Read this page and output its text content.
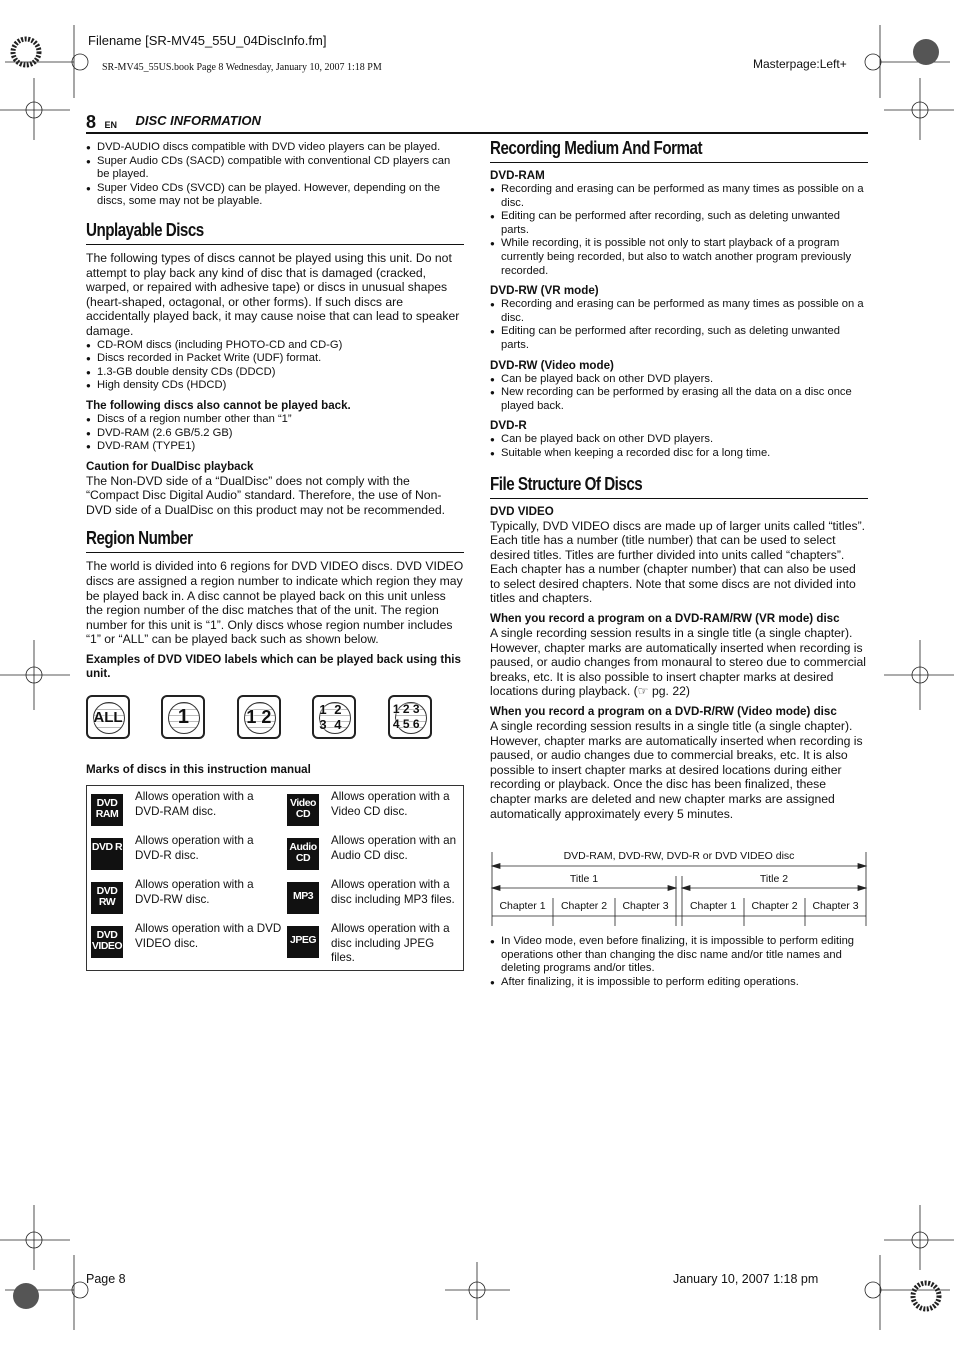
Filename [SR-MV45_55U_04DiscInfo.fm]
SR-MV45_55US.book Page 8 Wednesday, January 10, 2007 1:18 PM	Masterpage:Left+
8 EN DISC INFORMATION
● DVD-AUDIO discs compatible with DVD video players can be played.
● Super Audio CDs (SACD) compatible with conventional CD players can be played.
● Super Video CDs (SVCD) can be played. However, depending on the discs, some may not be playable.
Unplayable Discs

The following types of discs cannot be played using this unit. Do not attempt to play back any kind of disc that is damaged (cracked, warped, or repaired with adhesive tape) or discs in unusual shapes (heart-shaped, octagonal, or other forms). If such discs are accidentally played back, it may cause noise that can lead to speaker damage.

● CD-ROM discs (including PHOTO-CD and CD-G)
● Discs recorded in Packet Write (UDF) format.
● 1.3-GB double density CDs (DDCD)
● High density CDs (HDCD)
The following discs also cannot be played back.
● Discs of a region number other than “1”
● DVD-RAM (2.6 GB/5.2 GB)
● DVD-RAM (TYPE1)
Caution for DualDisc playback

The Non-DVD side of a “DualDisc” does not comply with the “Compact Disc Digital Audio” standard. Therefore, the use of Non-DVD side of a DualDisc on this product may not be recommended.

Region Number

The world is divided into 6 regions for DVD VIDEO discs. DVD VIDEO discs are assigned a region number to indicate which region they may be played back in. A disc cannot be played back on this unit unless the region number of the disc matches that of the unit. The region number for this unit is “1”. Only discs whose region number includes “1” or “ALL” can be played back such as shown below.

Examples of DVD VIDEO labels which can be played back using this unit.
ALL
	1
	1 2
	1 2 3 4

1 2 3 4 5 6
Marks of discs in this instruction manual
DVD RAM	Allows operation with a DVD-RAM disc.	Video CD	Allows operation with a Video CD disc.
DVD R	Allows operation with a DVD-R disc.	Audio CD	Allows operation with an Audio CD disc.
DVD RW	Allows operation with a DVD-RW disc.	MP3	Allows operation with a disc including MP3 files.
DVD VIDEO	Allows operation with a DVD VIDEO disc.	JPEG	Allows operation with a disc including JPEG files.
Recording Medium And Format
DVD-RAM
● Recording and erasing can be performed as many times as possible on a disc.
● Editing can be performed after recording, such as deleting unwanted parts.
● While recording, it is possible not only to start playback of a program currently being recorded, but also to watch another program previously recorded.
DVD-RW (VR mode)
● Recording and erasing can be performed as many times as possible on a disc.
● Editing can be performed after recording, such as deleting unwanted parts.
DVD-RW (Video mode)
● Can be played back on other DVD players.
● New recording can be performed by erasing all the data on a disc once played back.
DVD-R
● Can be played back on other DVD players.
● Suitable when keeping a recorded disc for a long time.
File Structure Of Discs
DVD VIDEO

Typically, DVD VIDEO discs are made up of larger units called “titles”. Each title has a number (title number) that can be used to select desired titles. Titles are further divided into units called “chapters”. Each chapter has a number (chapter number) that can also be used to select desired chapters. Note that some discs are not divided into titles and chapters.

When you record a program on a DVD-RAM/RW (VR mode) disc

A single recording session results in a single title (a single chapter). However, chapter marks are automatically inserted when recording is paused, or audio changes from monaural to stereo due to commercial breaks, etc. It is also possible to insert chapter marks at desired locations during playback. (☞ pg. 22)

When you record a program on a DVD-R/RW (Video mode) disc

A single recording session results in a single title (a single chapter). However, chapter marks are automatically inserted when recording is paused, or audio changes due to commercial breaks, etc. It is also possible to insert chapter marks at desired locations during either recording or playback. Once the disc has been finalized, these chapter marks are deleted and new chapter marks are assigned automatically approximately every 5 minutes.

DVD-RAM, DVD-RW, DVD-R or DVD VIDEO disc
Title 1	Title 2
Chapter 1	Chapter 2	Chapter 3	Chapter 1	Chapter 2	Chapter 3
● In Video mode, even before finalizing, it is impossible to perform editing operations other than changing the disc name and/or title names and deleting programs and/or titles.
● After finalizing, it is impossible to perform editing operations.
Page 8	January 10, 2007 1:18 pm
